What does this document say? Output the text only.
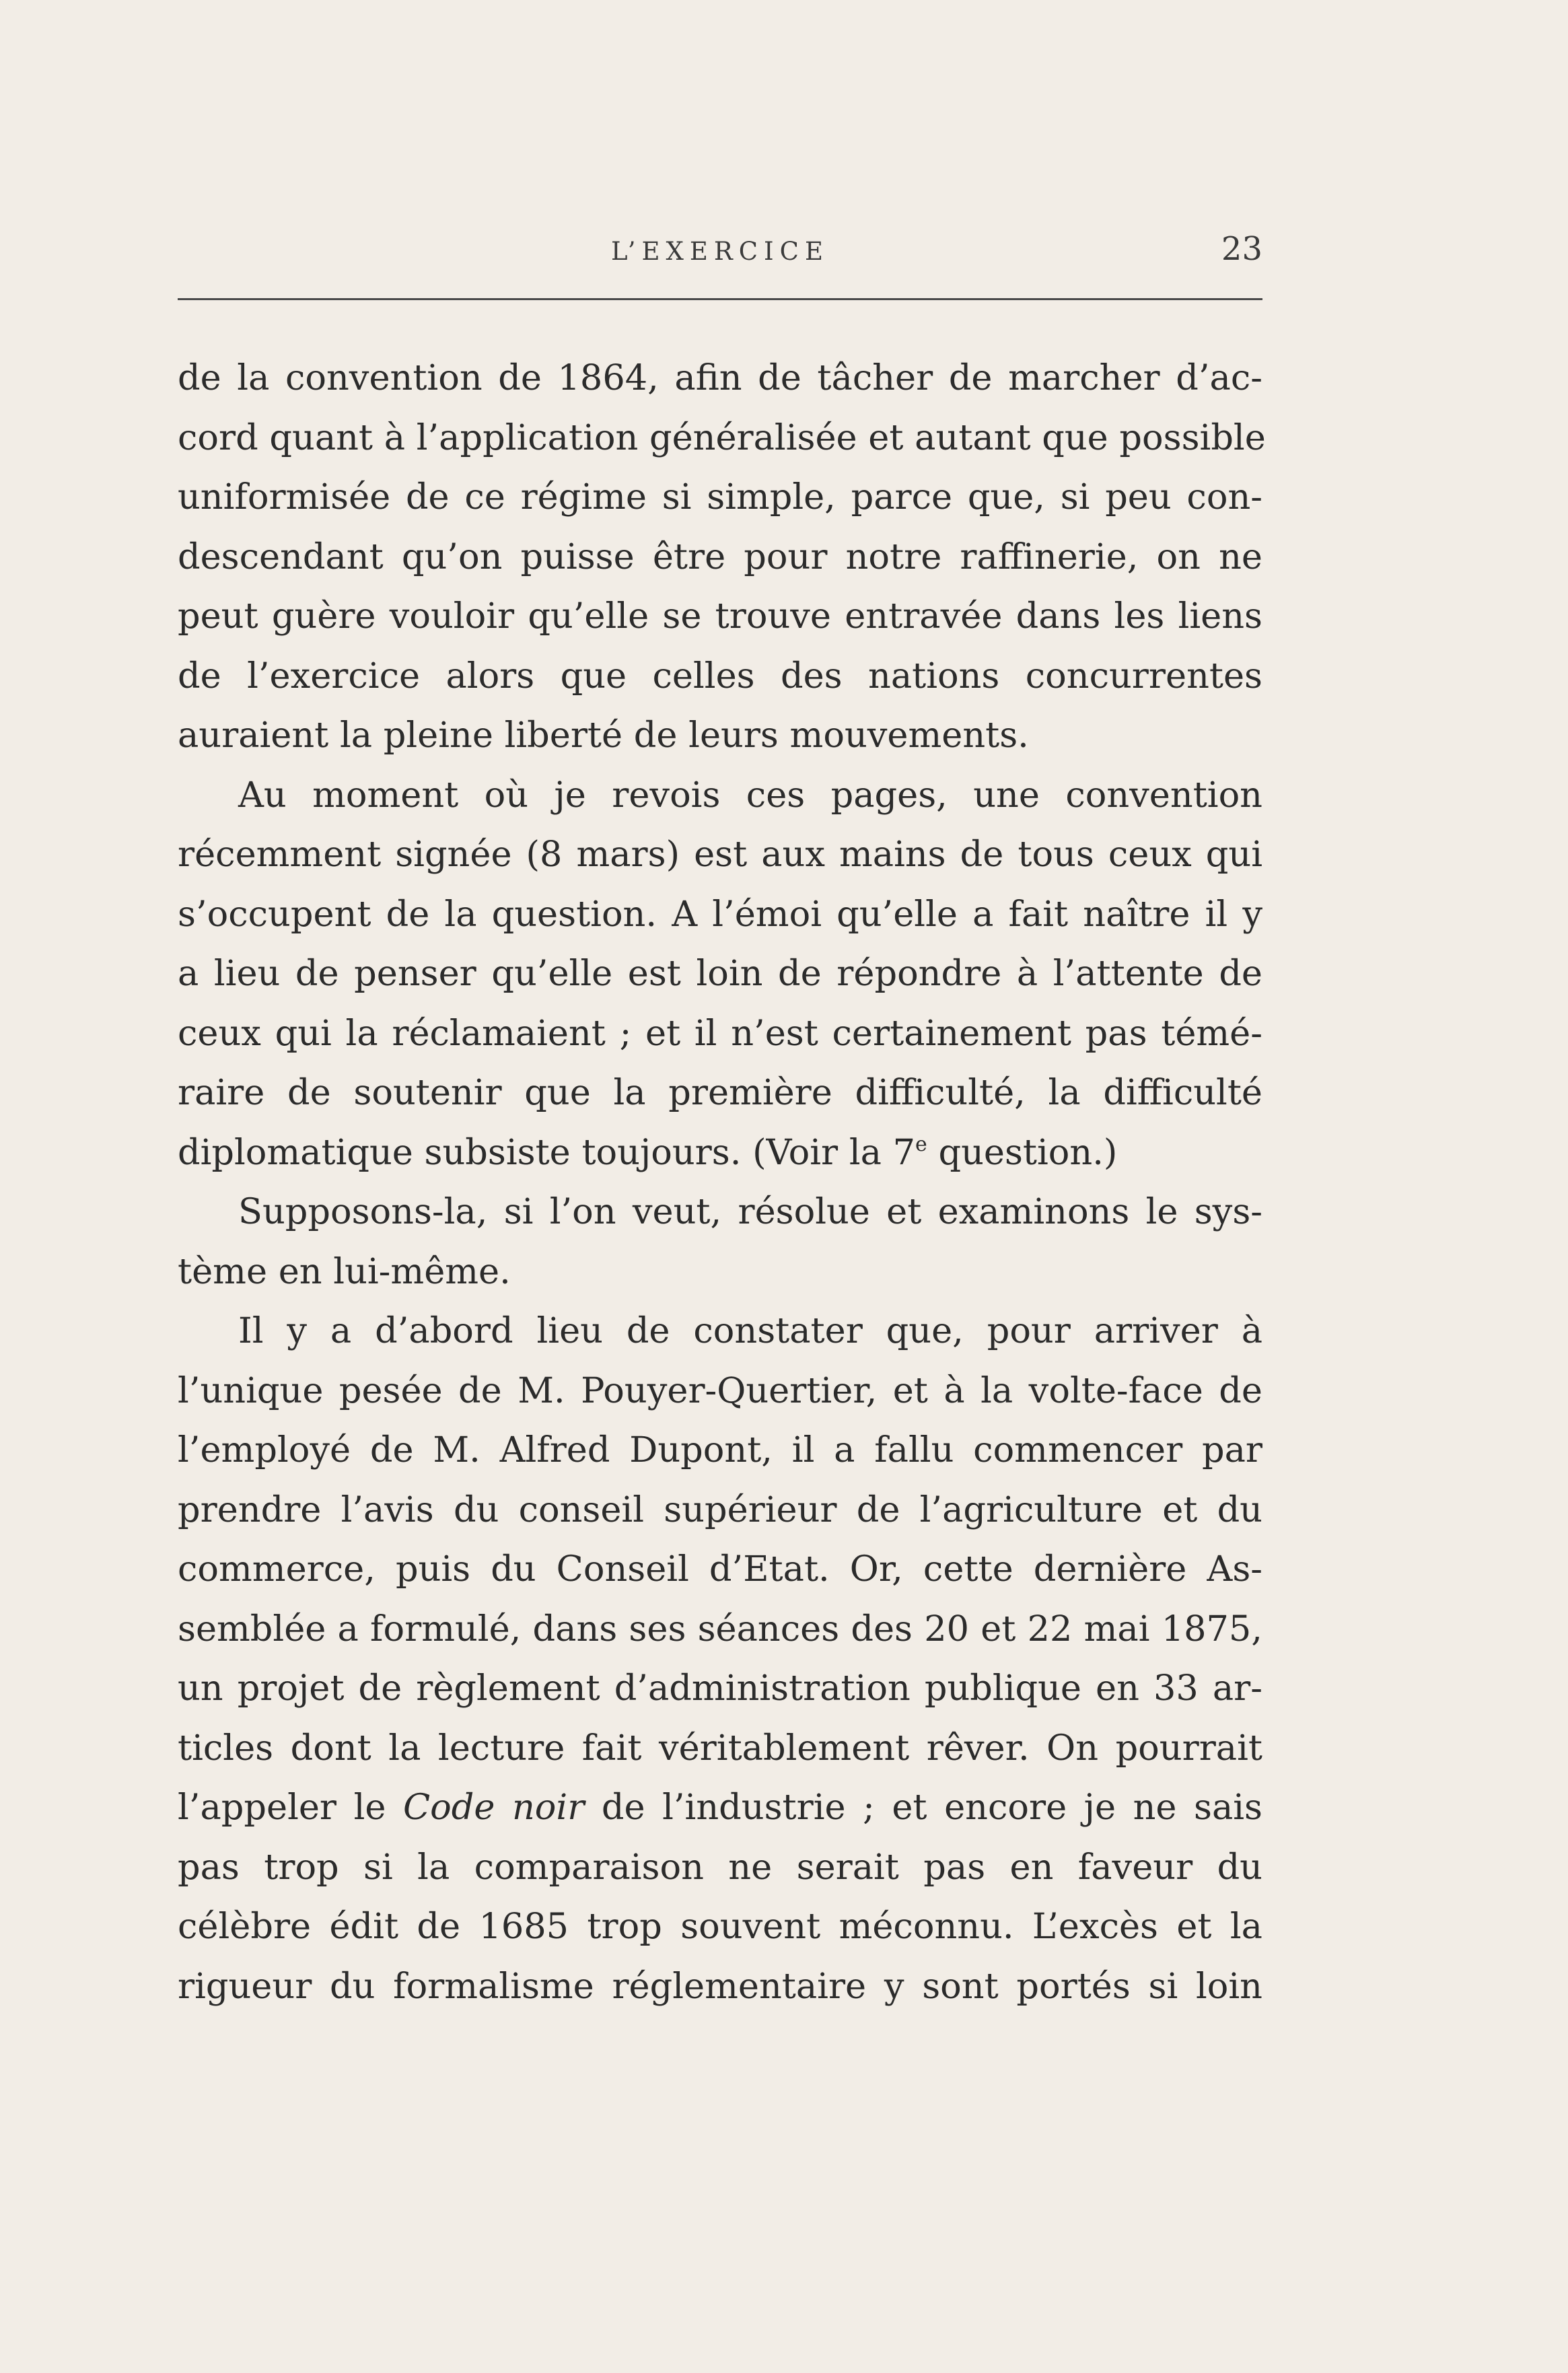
L’EXERCICE	23
de la convention de 1864, afin de tâcher de marcher d’ac-
cord quant à l’application généralisée et autant que possible
uniformisée de ce régime si simple, parce que, si peu con-
descendant qu’on puisse être pour notre raffinerie, on ne
peut guère vouloir qu’elle se trouve entravée dans les liens
de l’exercice alors que celles des nations concurrentes
auraient la pleine liberté de leurs mouvements.
Au moment où je revois ces pages, une convention
récemment signée (8 mars) est aux mains de tous ceux qui
s’occupent de la question. A l’émoi qu’elle a fait naître il y
a lieu de penser qu’elle est loin de répondre à l’attente de
ceux qui la réclamaient ; et il n’est certainement pas témé-
raire de soutenir que la première difficulté, la difficulté
diplomatique subsiste toujours. (Voir la 7e question.)
Supposons-la, si l’on veut, résolue et examinons le sys-
tème en lui-même.
Il y a d’abord lieu de constater que, pour arriver à
l’unique pesée de M. Pouyer-Quertier, et à la volte-face de
l’employé de M. Alfred Dupont, il a fallu commencer par
prendre l’avis du conseil supérieur de l’agriculture et du
commerce, puis du Conseil d’Etat. Or, cette dernière As-
semblée a formulé, dans ses séances des 20 et 22 mai 1875,
un projet de règlement d’administration publique en 33 ar-
ticles dont la lecture fait véritablement rêver. On pourrait
l’appeler le Code noir de l’industrie ; et encore je ne sais
pas trop si la comparaison ne serait pas en faveur du
célèbre édit de 1685 trop souvent méconnu. L’excès et la
rigueur du formalisme réglementaire y sont portés si loin
